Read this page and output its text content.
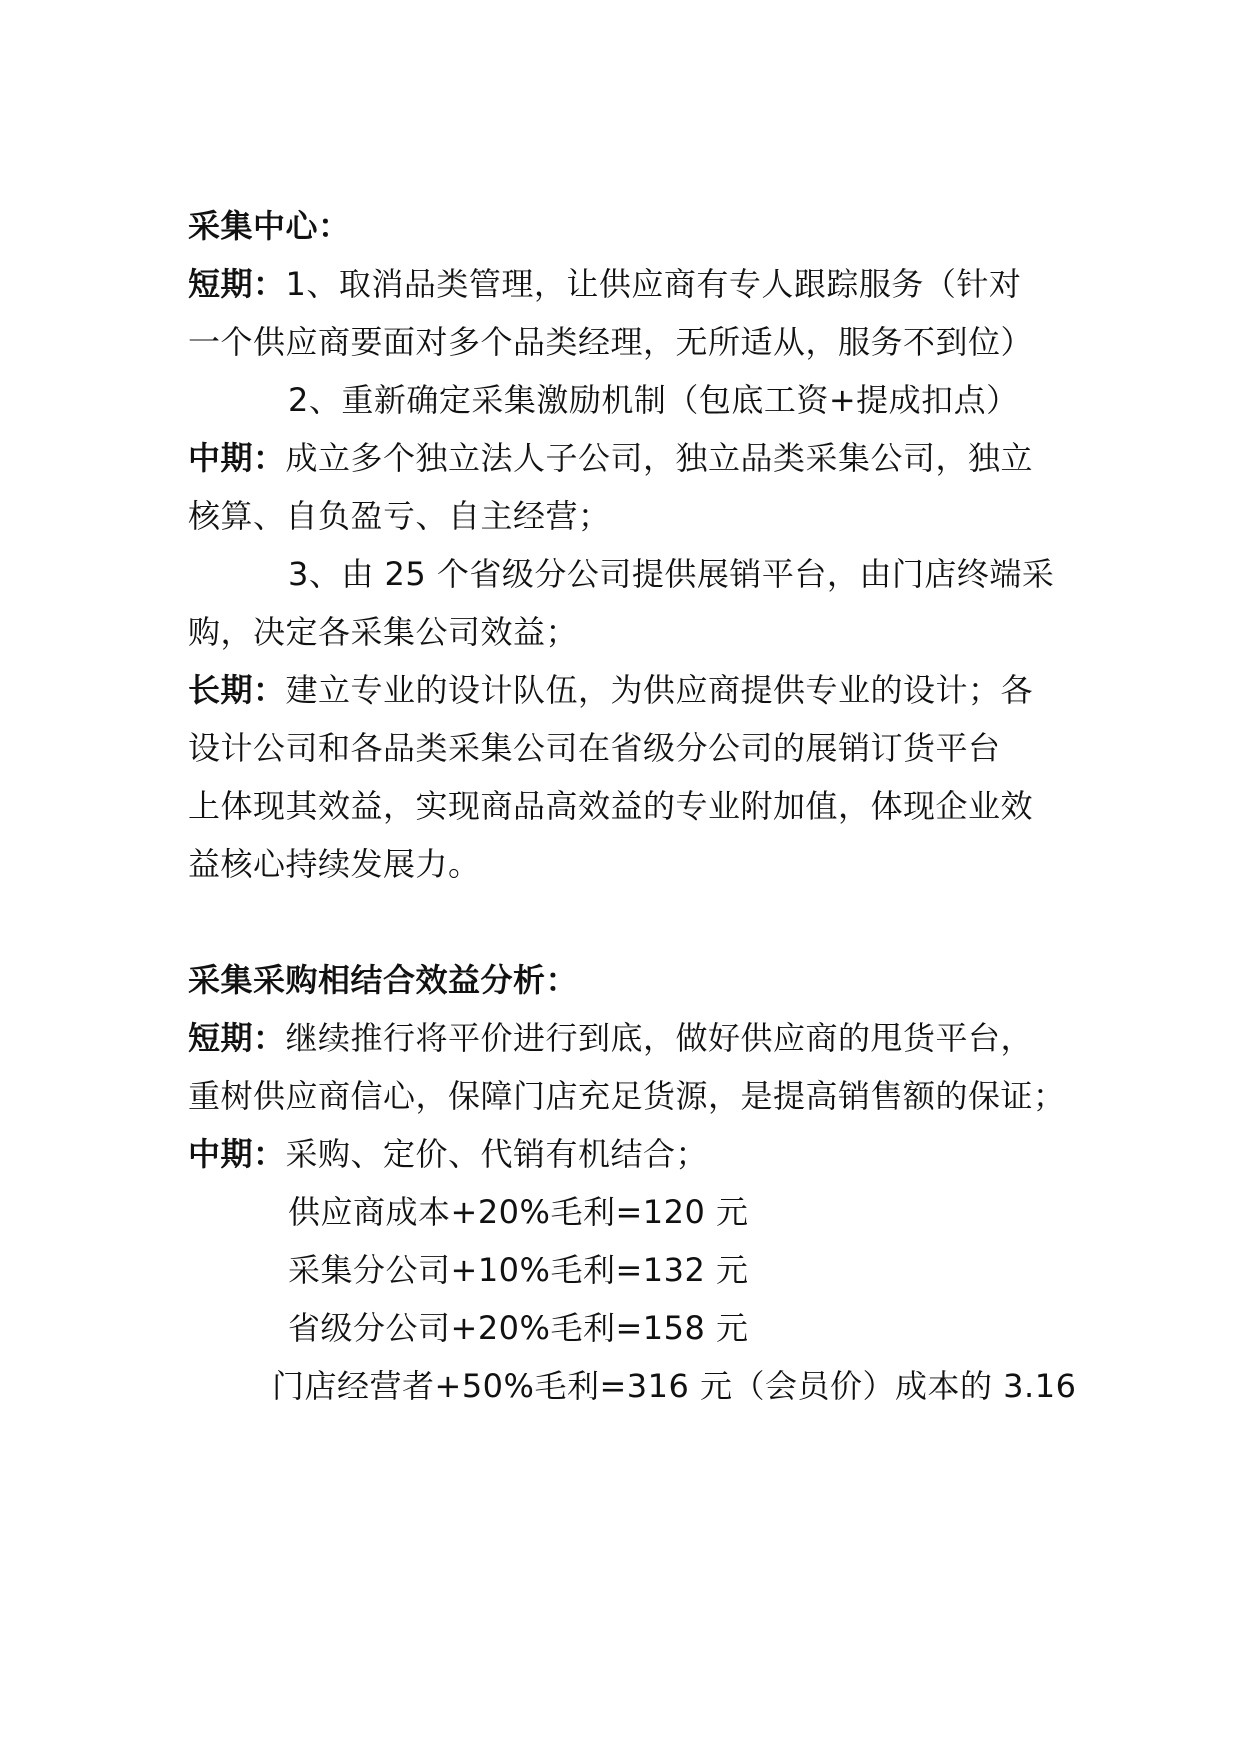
采集中心：
短期：1、取消品类管理，让供应商有专人跟踪服务（针对
一个供应商要面对多个品类经理，无所适从，服务不到位）
2、重新确定采集激励机制（包底工资+提成扣点）
中期：成立多个独立法人子公司，独立品类采集公司，独立
核算、自负盈亏、自主经营；
3、由 25 个省级分公司提供展销平台，由门店终端采
购，决定各采集公司效益；
长期：建立专业的设计队伍，为供应商提供专业的设计；各
设计公司和各品类采集公司在省级分公司的展销订货平台
上体现其效益，实现商品高效益的专业附加值，体现企业效
益核心持续发展力。
采集采购相结合效益分析：
短期：继续推行将平价进行到底，做好供应商的甩货平台，
重树供应商信心，保障门店充足货源，是提高销售额的保证；
中期：采购、定价、代销有机结合；
供应商成本+20%毛利=120 元
采集分公司+10%毛利=132 元
省级分公司+20%毛利=158 元
门店经营者+50%毛利=316 元（会员价）成本的 3.16
